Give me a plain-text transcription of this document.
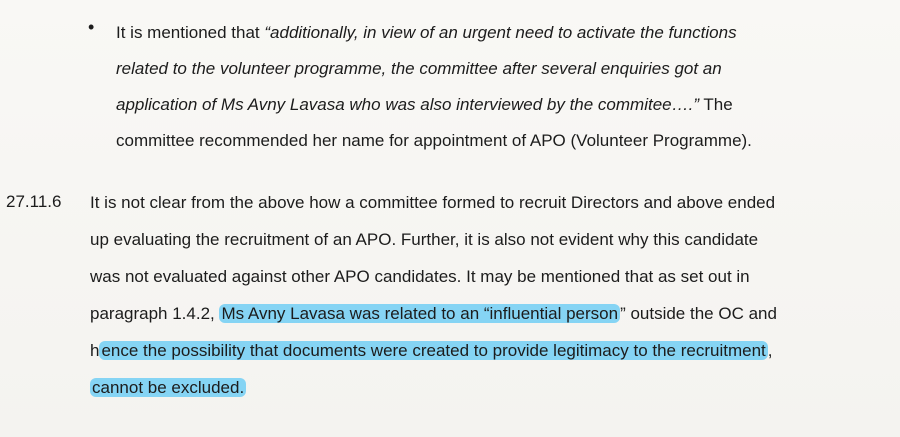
• It is mentioned that “additionally, in view of an urgent need to activate the functions
related to the volunteer programme, the committee after several enquiries got an
application of Ms Avny Lavasa who was also interviewed by the commitee….” The
committee recommended her name for appointment of APO (Volunteer Programme).
27.11.6 It is not clear from the above how a committee formed to recruit Directors and above ended
up evaluating the recruitment of an APO. Further, it is also not evident why this candidate
was not evaluated against other APO candidates. It may be mentioned that as set out in
paragraph 1.4.2, Ms Avny Lavasa was related to an “influential person ” outside the OC and
h ence the possibility that documents were created to provide legitimacy to the recruitment ,
cannot be excluded.
